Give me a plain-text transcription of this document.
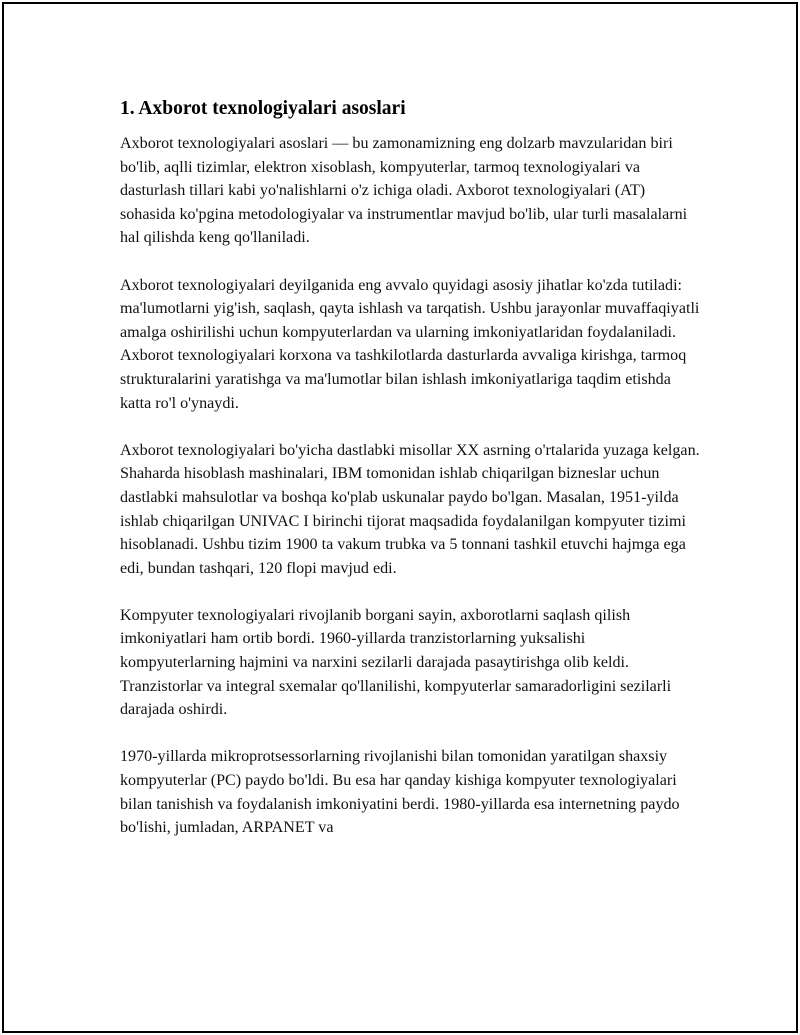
1. Axborot texnologiyalari asoslari

Axborot texnologiyalari asoslari — bu zamonamizning eng dolzarb mavzularidan biri bo'lib, aqlli tizimlar, elektron xisoblash, kompyuterlar, tarmoq texnologiyalari va dasturlash tillari kabi yo'nalishlarni o'z ichiga oladi. Axborot texnologiyalari (AT) sohasida ko'pgina metodologiyalar va instrumentlar mavjud bo'lib, ular turli masalalarni hal qilishda keng qo'llaniladi.

Axborot texnologiyalari deyilganida eng avvalo quyidagi asosiy jihatlar ko'zda tutiladi: ma'lumotlarni yig'ish, saqlash, qayta ishlash va tarqatish. Ushbu jarayonlar muvaffaqiyatli amalga oshirilishi uchun kompyuterlardan va ularning imkoniyatlaridan foydalaniladi. Axborot texnologiyalari korxona va tashkilotlarda dasturlarda avvaliga kirishga, tarmoq strukturalarini yaratishga va ma'lumotlar bilan ishlash imkoniyatlariga taqdim etishda katta ro'l o'ynaydi.

Axborot texnologiyalari bo'yicha dastlabki misollar XX asrning o'rtalarida yuzaga kelgan. Shaharda hisoblash mashinalari, IBM tomonidan ishlab chiqarilgan bizneslar uchun dastlabki mahsulotlar va boshqa ko'plab uskunalar paydo bo'lgan. Masalan, 1951-yilda ishlab chiqarilgan UNIVAC I birinchi tijorat maqsadida foydalanilgan kompyuter tizimi hisoblanadi. Ushbu tizim 1900 ta vakum trubka va 5 tonnani tashkil etuvchi hajmga ega edi, bundan tashqari, 120 flopi mavjud edi.

Kompyuter texnologiyalari rivojlanib borgani sayin, axborotlarni saqlash qilish imkoniyatlari ham ortib bordi. 1960-yillarda tranzistorlarning yuksalishi kompyuterlarning hajmini va narxini sezilarli darajada pasaytirishga olib keldi. Tranzistorlar va integral sxemalar qo'llanilishi, kompyuterlar samaradorligini sezilarli darajada oshirdi.

1970-yillarda mikroprotsessorlarning rivojlanishi bilan tomonidan yaratilgan shaxsiy kompyuterlar (PC) paydo bo'ldi. Bu esa har qanday kishiga kompyuter texnologiyalari bilan tanishish va foydalanish imkoniyatini berdi. 1980-yillarda esa internetning paydo bo'lishi, jumladan, ARPANET va
